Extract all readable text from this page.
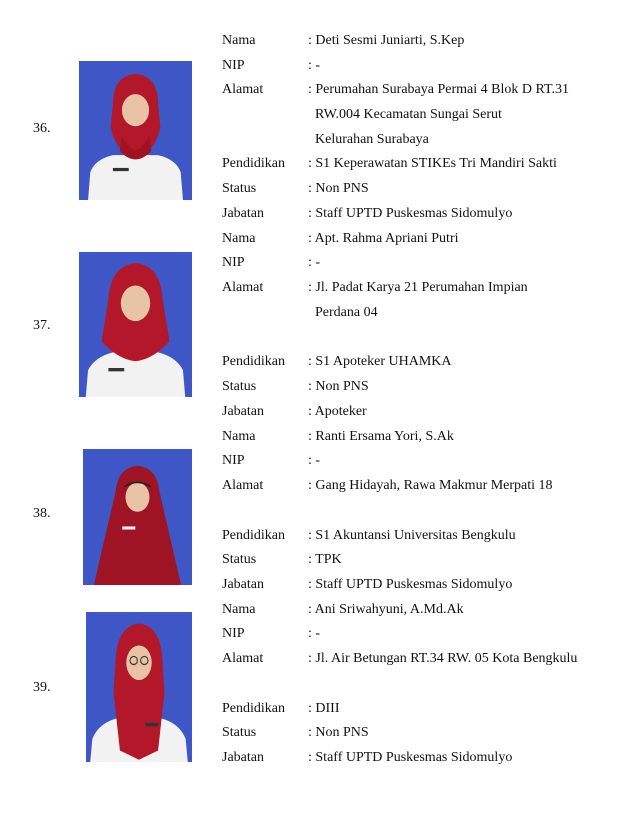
36.
Nama	: Deti Sesmi Juniarti, S.Kep
NIP	: -
Alamat	: Perumahan Surabaya Permai 4 Blok D RT.31
RW.004 Kecamatan Sungai Serut
Kelurahan Surabaya
Pendidikan	: S1 Keperawatan STIKEs Tri Mandiri Sakti
Status	: Non PNS
Jabatan	: Staff UPTD Puskesmas Sidomulyo
37.
Nama	: Apt. Rahma Apriani Putri
NIP	: -
Alamat	: Jl. Padat Karya 21 Perumahan Impian
Perdana 04
Pendidikan	: S1 Apoteker UHAMKA
Status	: Non PNS
Jabatan	: Apoteker
38.
Nama	: Ranti Ersama Yori, S.Ak
NIP	: -
Alamat	: Gang Hidayah, Rawa Makmur Merpati 18
Pendidikan	: S1 Akuntansi Universitas Bengkulu
Status	: TPK
Jabatan	: Staff UPTD Puskesmas Sidomulyo
39.
Nama	: Ani Sriwahyuni, A.Md.Ak
NIP	: -
Alamat	: Jl. Air Betungan RT.34 RW. 05 Kota Bengkulu
Pendidikan	: DIII
Status	: Non PNS
Jabatan	: Staff UPTD Puskesmas Sidomulyo
